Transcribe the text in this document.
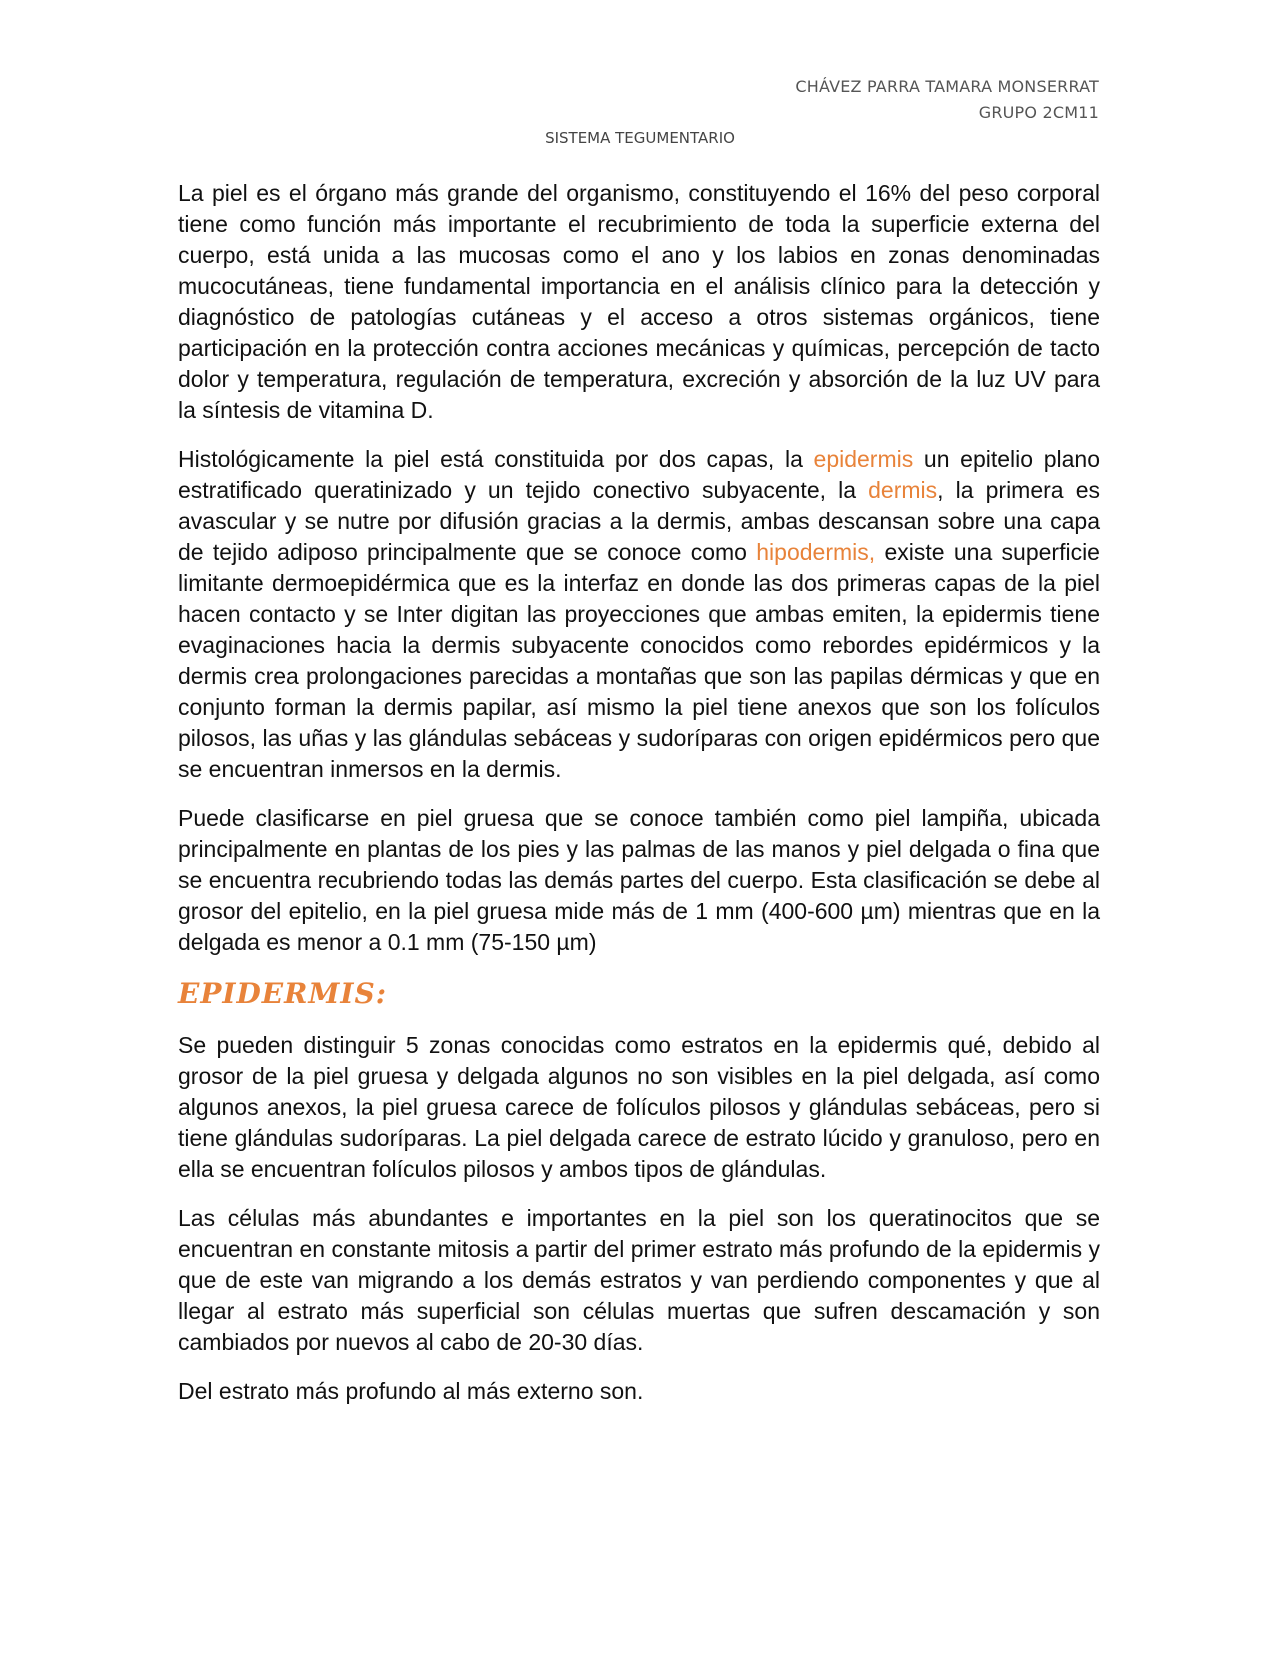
CHÁVEZ PARRA TAMARA MONSERRAT
GRUPO 2CM11
SISTEMA TEGUMENTARIO

La piel es el órgano más grande del organismo, constituyendo el 16% del peso corporal tiene como función más importante el recubrimiento de toda la superficie externa del cuerpo, está unida a las mucosas como el ano y los labios en zonas denominadas mucocutáneas, tiene fundamental importancia en el análisis clínico para la detección y diagnóstico de patologías cutáneas y el acceso a otros sistemas orgánicos, tiene participación en la protección contra acciones mecánicas y químicas, percepción de tacto dolor y temperatura, regulación de temperatura, excreción y absorción de la luz UV para la síntesis de vitamina D.

Histológicamente la piel está constituida por dos capas, la epidermis un epitelio plano estratificado queratinizado y un tejido conectivo subyacente, la dermis, la primera es avascular y se nutre por difusión gracias a la dermis, ambas descansan sobre una capa de tejido adiposo principalmente que se conoce como hipodermis, existe una superficie limitante dermoepidérmica que es la interfaz en donde las dos primeras capas de la piel hacen contacto y se Inter digitan las proyecciones que ambas emiten, la epidermis tiene evaginaciones hacia la dermis subyacente conocidos como rebordes epidérmicos y la dermis crea prolongaciones parecidas a montañas que son las papilas dérmicas y que en conjunto forman la dermis papilar, así mismo la piel tiene anexos que son los folículos pilosos, las uñas y las glándulas sebáceas y sudoríparas con origen epidérmicos pero que se encuentran inmersos en la dermis.

Puede clasificarse en piel gruesa que se conoce también como piel lampiña, ubicada principalmente en plantas de los pies y las palmas de las manos y piel delgada o fina que se encuentra recubriendo todas las demás partes del cuerpo. Esta clasificación se debe al grosor del epitelio, en la piel gruesa mide más de 1 mm (400-600 µm) mientras que en la delgada es menor a 0.1 mm (75-150 µm)

EPIDERMIS:

Se pueden distinguir 5 zonas conocidas como estratos en la epidermis qué, debido al grosor de la piel gruesa y delgada algunos no son visibles en la piel delgada, así como algunos anexos, la piel gruesa carece de folículos pilosos y glándulas sebáceas, pero si tiene glándulas sudoríparas. La piel delgada carece de estrato lúcido y granuloso, pero en ella se encuentran folículos pilosos y ambos tipos de glándulas.

Las células más abundantes e importantes en la piel son los queratinocitos que se encuentran en constante mitosis a partir del primer estrato más profundo de la epidermis y que de este van migrando a los demás estratos y van perdiendo componentes y que al llegar al estrato más superficial son células muertas que sufren descamación y son cambiados por nuevos al cabo de 20-30 días.

Del estrato más profundo al más externo son.
